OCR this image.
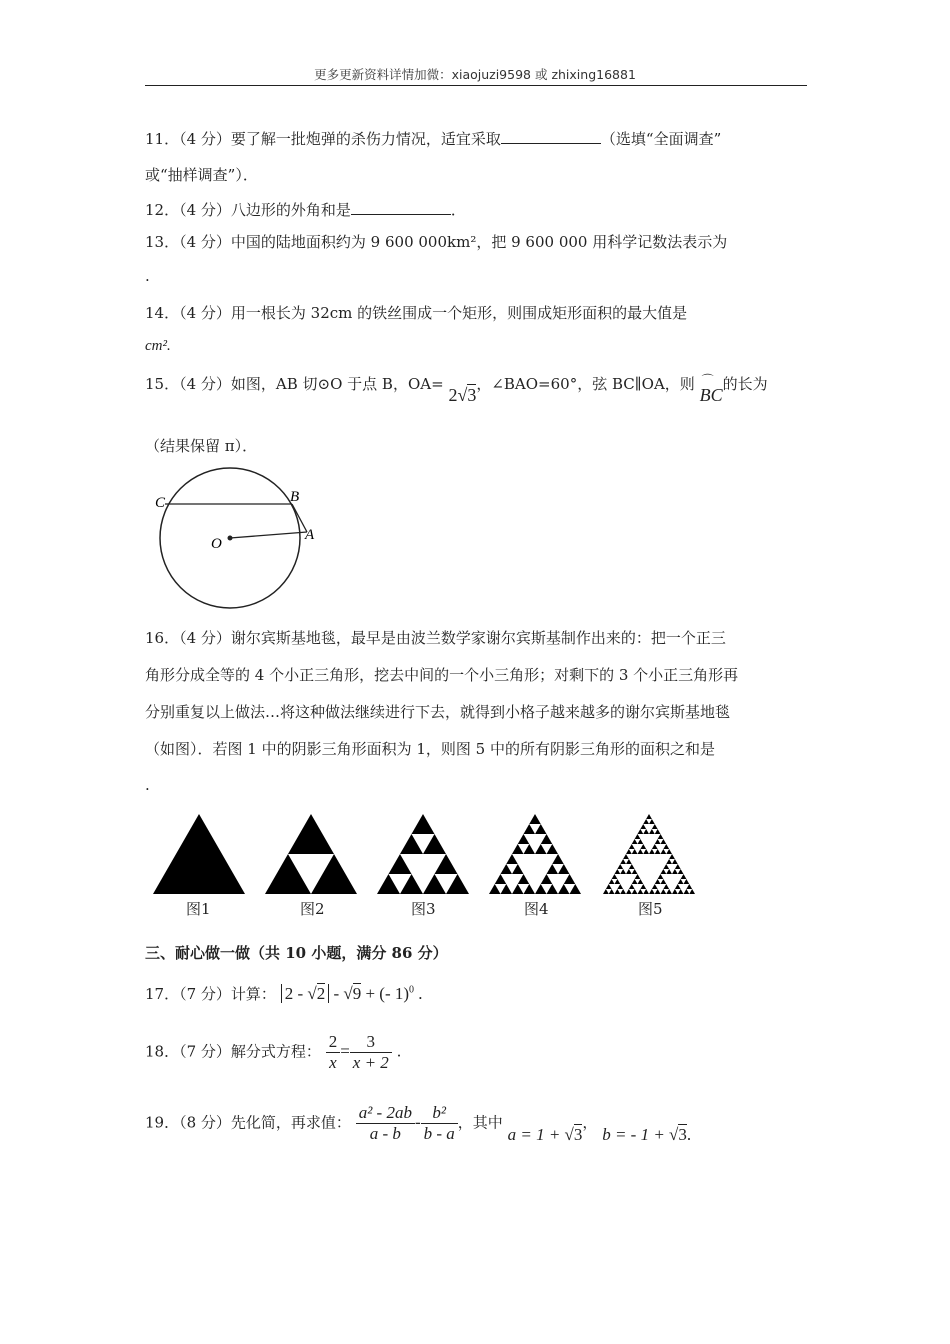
更多更新资料详情加微：xiaojuzi9598 或 zhixing16881
11．（4 分）要了解一批炮弹的杀伤力情况，适宜采取	（选填“全面调查”
或“抽样调查”）．
12．（4 分）八边形的外角和是	．
13．（4 分）中国的陆地面积约为 9 600 000km²，把 9 600 000 用科学记数法表示为
.
14．（4 分）用一根长为 32cm 的铁丝围成一个矩形，则围成矩形面积的最大值是
cm².
15．（4 分）如图，AB 切⊙O 于点 B，OA= 2√3，∠BAO=60°，弦 BC∥OA，则 ⌒
BC的长为
（结果保留 π）．
C	B
O
A
16．（4 分）谢尔宾斯基地毯，最早是由波兰数学家谢尔宾斯基制作出来的：把一个正三
角形分成全等的 4 个小正三角形，挖去中间的一个小三角形；对剩下的 3 个小正三角形再
分别重复以上做法…将这种做法继续进行下去，就得到小格子越来越多的谢尔宾斯基地毯
（如图）．若图 1 中的阴影三角形面积为 1，则图 5 中的所有阴影三角形的面积之和是
.
图1	图2	图3	图4	图5
三、耐心做一做（共 10 小题，满分 86 分）
17．（7 分）计算： 2 - √2 - √9 + (- 1)$^0$ .
18．（7 分）解分式方程： $\frac{2}{x} = \frac{3}{x + 2}$ .
19．（8 分）先化简，再求值： $\frac{\text{a² - 2ab}}{a - b} - \frac{\text{b²}}{b - a}$ ，其中 a = 1 + √3， b = - 1 + √3.
